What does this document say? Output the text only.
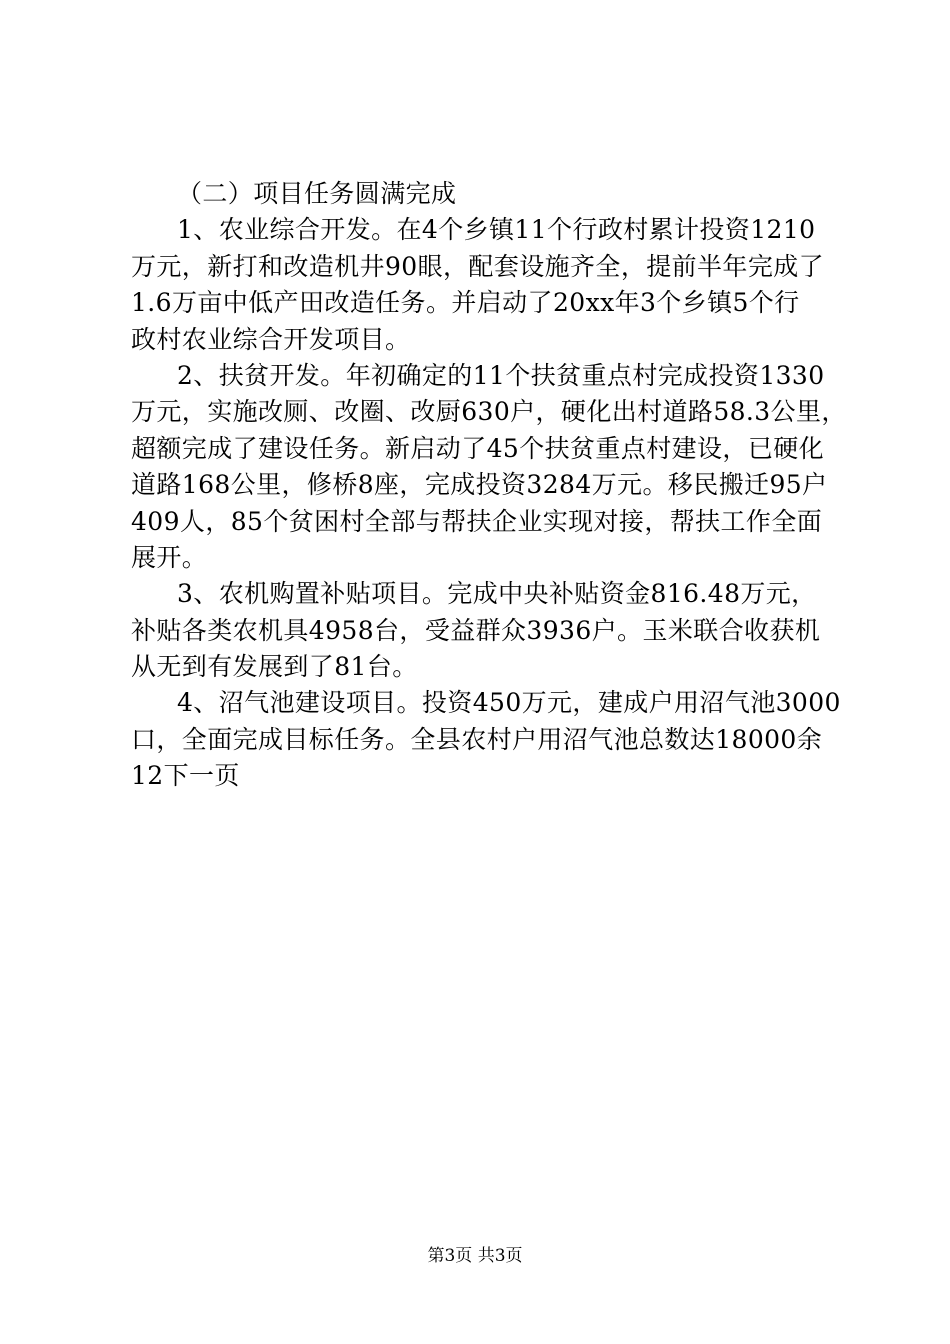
（二）项目任务圆满完成
1、农业综合开发。在4个乡镇11个行政村累计投资1210
万元，新打和改造机井90眼，配套设施齐全，提前半年完成了
1.6万亩中低产田改造任务。并启动了20xx年3个乡镇5个行
政村农业综合开发项目。
2、扶贫开发。年初确定的11个扶贫重点村完成投资1330
万元，实施改厕、改圈、改厨630户，硬化出村道路58.3公里，
超额完成了建设任务。新启动了45个扶贫重点村建设，已硬化
道路168公里，修桥8座，完成投资3284万元。移民搬迁95户
409人，85个贫困村全部与帮扶企业实现对接，帮扶工作全面
展开。
3、农机购置补贴项目。完成中央补贴资金816.48万元，
补贴各类农机具4958台，受益群众3936户。玉米联合收获机
从无到有发展到了81台。
4、沼气池建设项目。投资450万元，建成户用沼气池3000
口，全面完成目标任务。全县农村户用沼气池总数达18000余
12下一页
第3页 共3页
